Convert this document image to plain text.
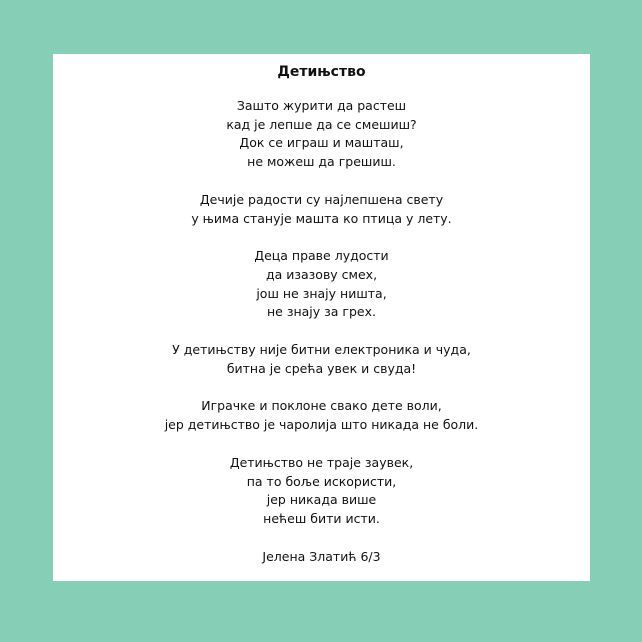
Детињство

Зашто журити да растеш
кад је лепше да се смешиш?
Док се играш и машташ,
не можеш да грешиш.

Дечије радости су најлепшена свету
у њима станује машта ко птица у лету.

Деца праве лудости
да изазову смех,
још не знају ништа,
не знају за грех.

У детињству није битни електроника и чуда,
битна је срећа увек и свуда!

Играчке и поклоне свако дете воли,
јер детињство је чаролија што никада не боли.

Детињство не траје заувек,
па то боље искористи,
јер никада више
нећеш бити исти.

Јелена Златић 6/3
